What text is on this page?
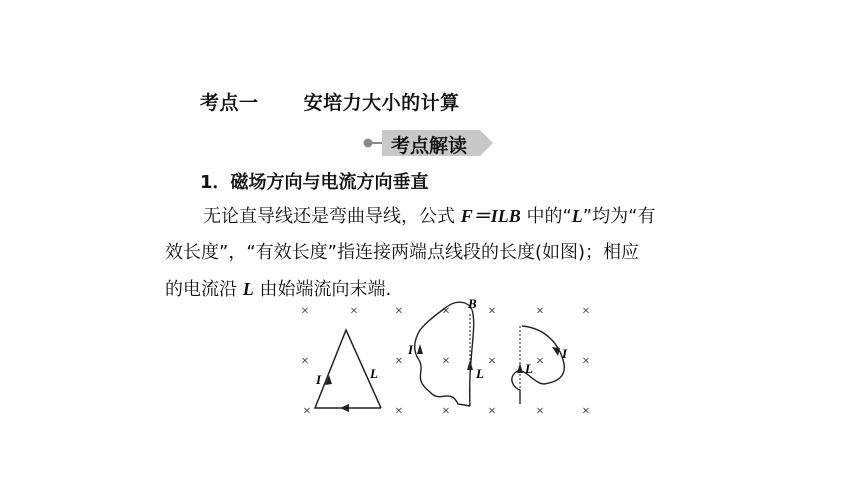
考点一 安培力大小的计算
考点解读
1．磁场方向与电流方向垂直
无论直导线还是弯曲导线，公式 F＝ILB 中的“L”均为“有
效长度”，“有效长度”指连接两端点线段的长度(如图)；相应
的电流沿 L 由始端流向末端.
×	×	×	×	×	×	×
×	×	×	×	×	×
×	×	×	×	×	×
I	L
I
L
B
I
L
